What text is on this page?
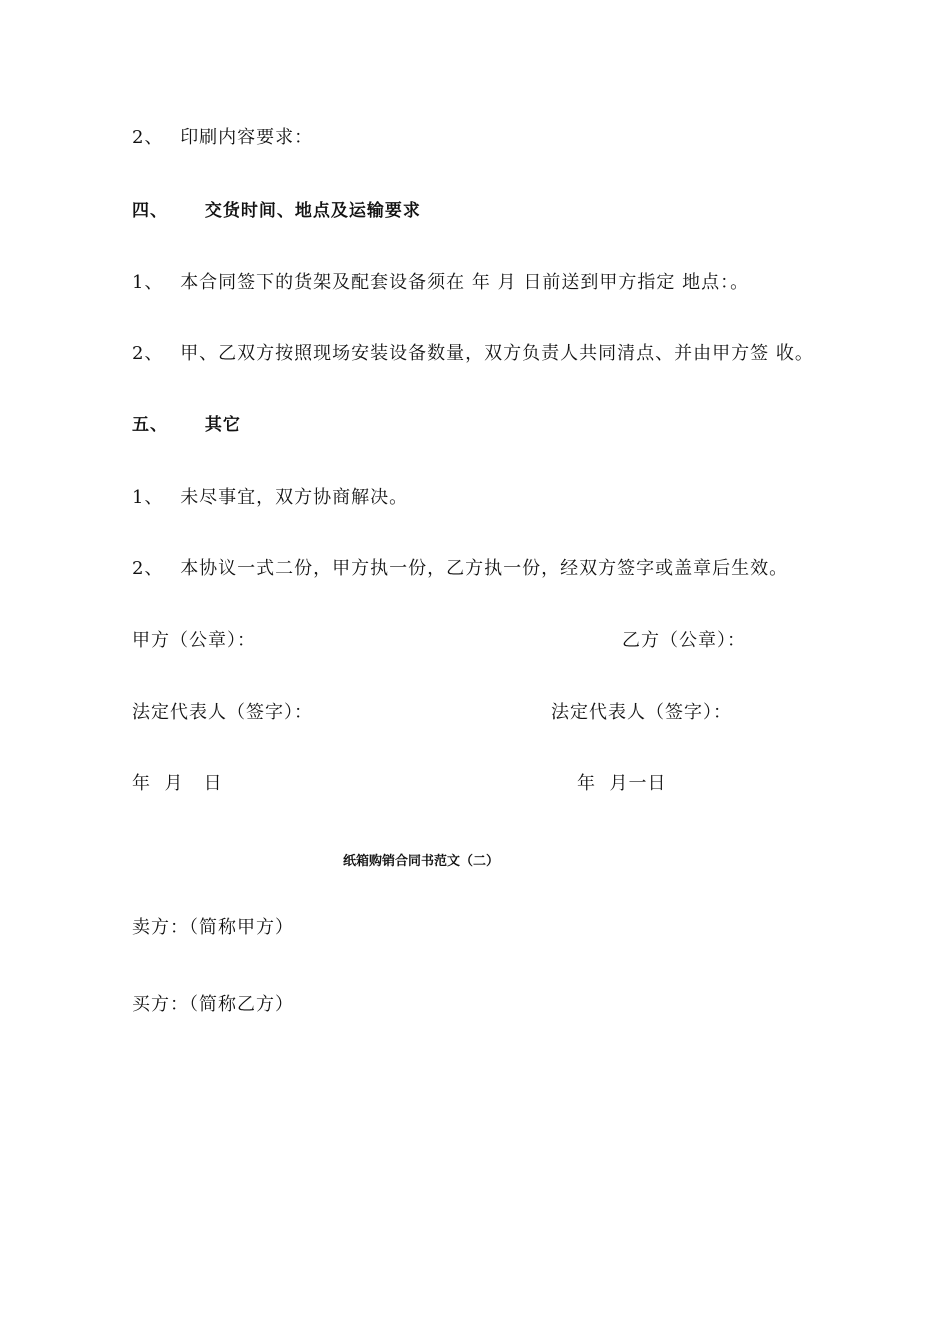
2、 印刷内容要求：
四、 交货时间、地点及运输要求
1、 本合同签下的货架及配套设备须在 年 月 日前送到甲方指定 地点：。
2、 甲、乙双方按照现场安装设备数量，双方负责人共同清点、并由甲方签 收。
五、 其它
1、 未尽事宜，双方协商解决。
2、 本协议一式二份，甲方执一份，乙方执一份，经双方签字或盖章后生效。
甲方（公章）：	乙方（公章）：
法定代表人（签字）：	法定代表人（签字）：
年  月   日	年  月一日
纸箱购销合同书范文（二）
卖方：（简称甲方）
买方：（简称乙方）
